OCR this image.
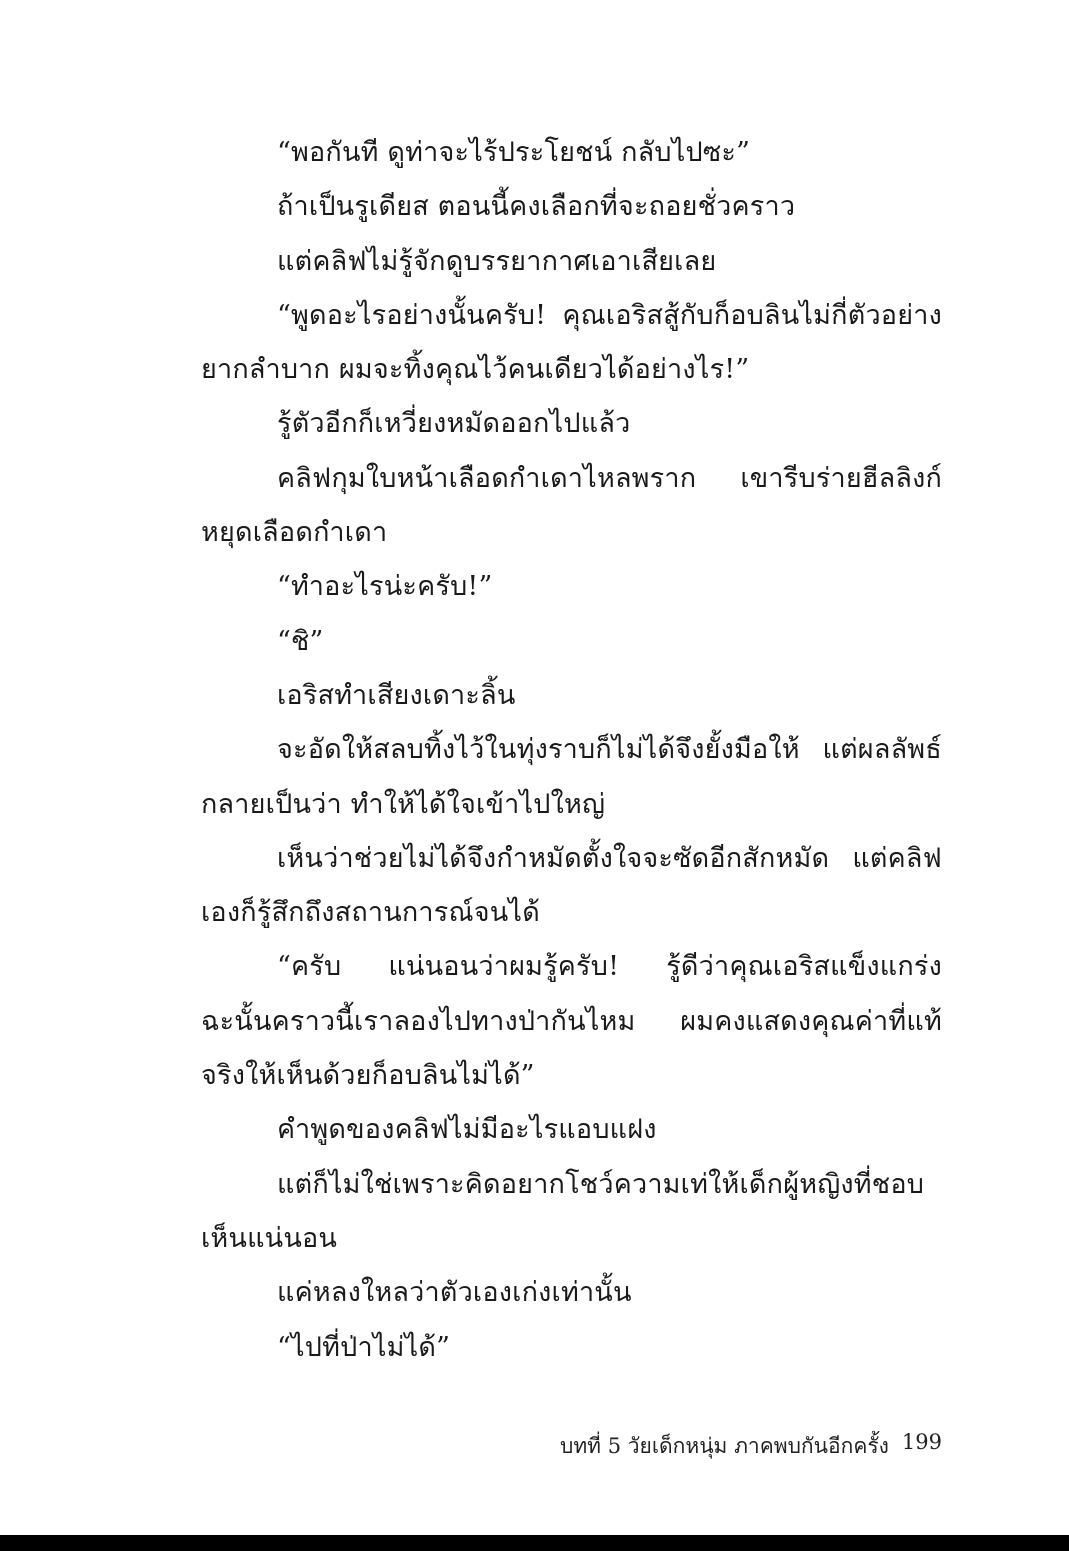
“พอกันที ดูท่าจะไร้ประโยชน์ กลับไปซะ”

ถ้าเป็นรูเดียส ตอนนี้คงเลือกที่จะถอยชั่วคราว

แต่คลิฟไม่รู้จักดูบรรยากาศเอาเสียเลย

“พูดอะไรอย่างนั้นครับ! คุณเอริสสู้กับก็อบลินไม่กี่ตัวอย่างยากลำบาก ผมจะทิ้งคุณไว้คนเดียวได้อย่างไร!”

รู้ตัวอีกก็เหวี่ยงหมัดออกไปแล้ว

คลิฟกุมใบหน้าเลือดกำเดาไหลพราก เขารีบร่ายฮีลลิงก์หยุดเลือดกำเดา

“ทำอะไรน่ะครับ!”

“ชิ”

เอริสทำเสียงเดาะลิ้น

จะอัดให้สลบทิ้งไว้ในทุ่งราบก็ไม่ได้จึงยั้งมือให้ แต่ผลลัพธ์กลายเป็นว่า ทำให้ได้ใจเข้าไปใหญ่

เห็นว่าช่วยไม่ได้จึงกำหมัดตั้งใจจะซัดอีกสักหมัด แต่คลิฟเองก็รู้สึกถึงสถานการณ์จนได้

“ครับ แน่นอนว่าผมรู้ครับ! รู้ดีว่าคุณเอริสแข็งแกร่ง ฉะนั้นคราวนี้เราลองไปทางป่ากันไหม ผมคงแสดงคุณค่าที่แท้จริงให้เห็นด้วยก็อบลินไม่ได้”

คำพูดของคลิฟไม่มีอะไรแอบแฝง

แต่ก็ไม่ใช่เพราะคิดอยากโชว์ความเท่ให้เด็กผู้หญิงที่ชอบเห็นแน่นอน

แค่หลงใหลว่าตัวเองเก่งเท่านั้น

“ไปที่ป่าไม่ได้”

บทที่ 5 วัยเด็กหนุ่ม ภาคพบกันอีกครั้ง 199
